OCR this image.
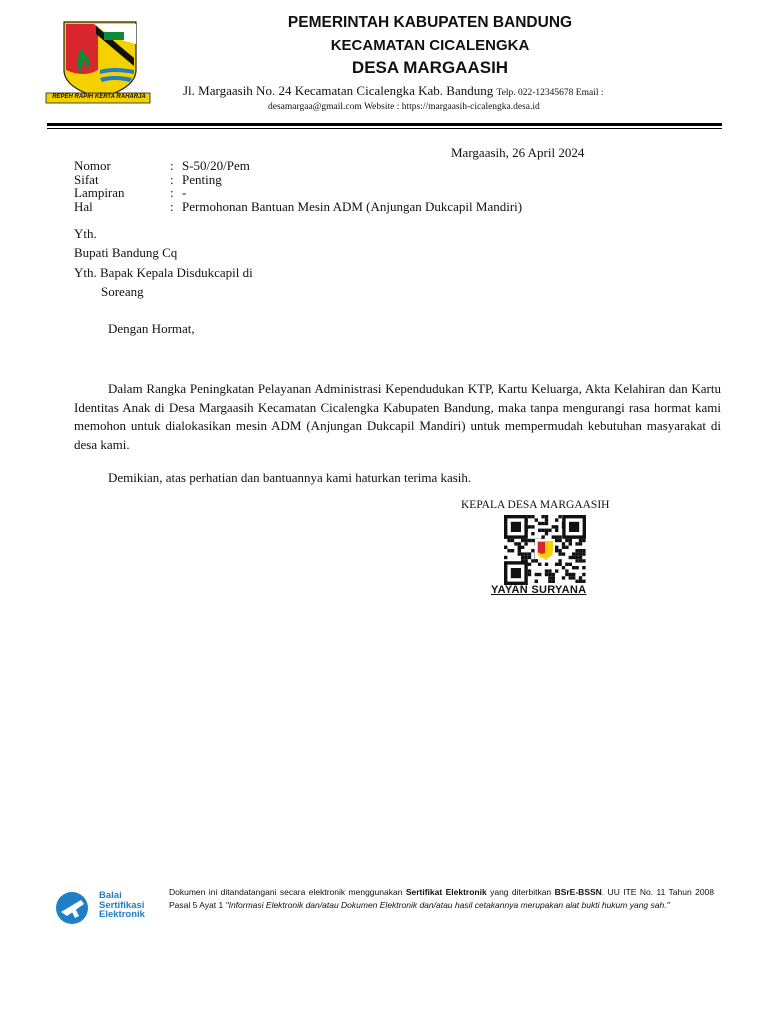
REPEH RAPIH KERTA RAHARJA
PEMERINTAH KABUPATEN BANDUNG
KECAMATAN CICALENGKA
DESA MARGAASIH
Jl. Margaasih No. 24 Kecamatan Cicalengka Kab. Bandung Telp. 022-12345678 Email :
desamargaa@gmail.com Website : https://margaasih-cicalengka.desa.id
Margaasih, 26 April 2024
Nomor	: S-50/20/Pem
Sifat	: Penting
Lampiran	: -
Hal	: Permohonan Bantuan Mesin ADM (Anjungan Dukcapil Mandiri)
Yth.
Bupati Bandung Cq
Yth. Bapak Kepala Disdukcapil di
Soreang
Dengan Hormat,
Dalam Rangka Peningkatan Pelayanan Administrasi Kependudukan KTP, Kartu Keluarga, Akta Kelahiran dan Kartu Identitas Anak di Desa Margaasih Kecamatan Cicalengka Kabupaten Bandung, maka tanpa mengurangi rasa hormat kami memohon untuk dialokasikan mesin ADM (Anjungan Dukcapil Mandiri) untuk mempermudah kebutuhan masyarakat di desa kami.
Demikian, atas perhatian dan bantuannya kami haturkan terima kasih.
KEPALA DESA MARGAASIH
YAYAN SURYANA
Balai
Sertifikasi
Elektronik
Dokumen ini ditandatangani secara elektronik menggunakan Sertifikat Elektronik yang diterbitkan BSrE-BSSN. UU ITE No. 11 Tahun 2008 Pasal 5 Ayat 1 "Informasi Elektronik dan/atau Dokumen Elektronik dan/atau hasil cetakannya merupakan alat bukti hukum yang sah."
